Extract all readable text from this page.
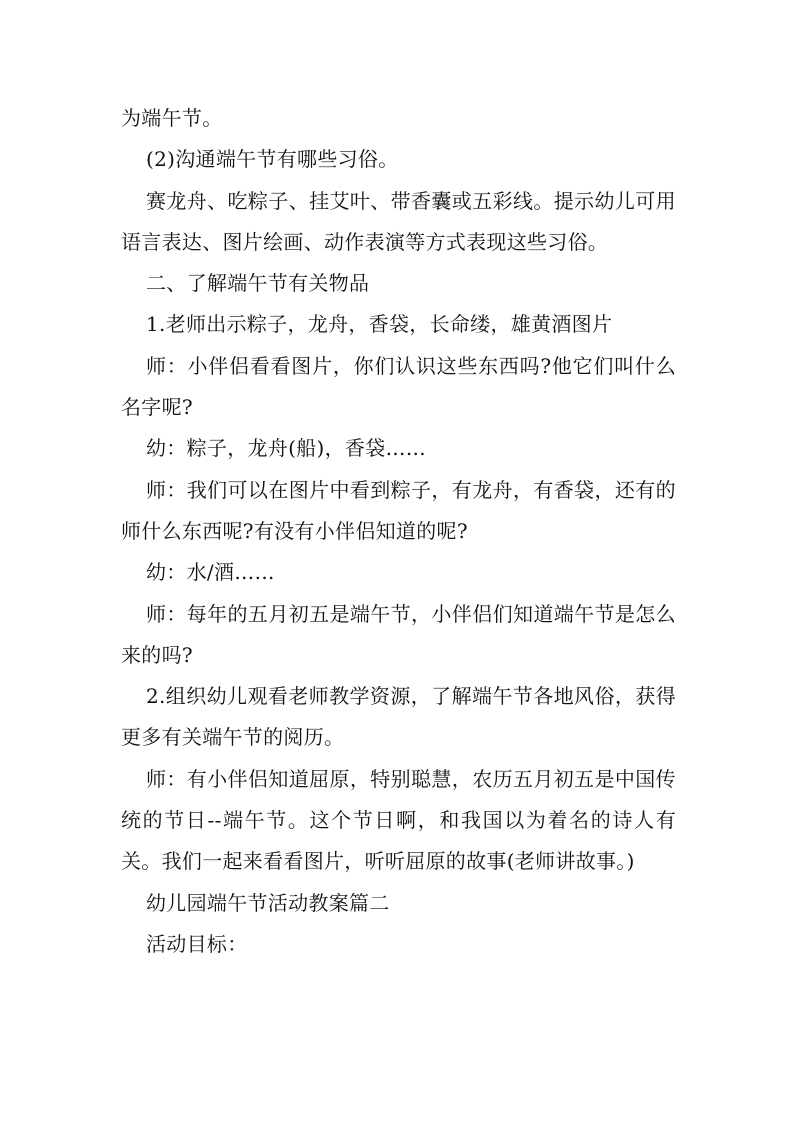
为端午节。

(2)沟通端午节有哪些习俗。

赛龙舟、吃粽子、挂艾叶、带香囊或五彩线。提示幼儿可用语言表达、图片绘画、动作表演等方式表现这些习俗。

二、了解端午节有关物品

1.老师出示粽子，龙舟，香袋，长命缕，雄黄酒图片

师：小伴侣看看图片，你们认识这些东西吗?他它们叫什么名字呢?

幼：粽子，龙舟(船)，香袋……

师：我们可以在图片中看到粽子，有龙舟，有香袋，还有的师什么东西呢?有没有小伴侣知道的呢?

幼：水/酒……

师：每年的五月初五是端午节，小伴侣们知道端午节是怎么来的吗?

2.组织幼儿观看老师教学资源，了解端午节各地风俗，获得更多有关端午节的阅历。

师：有小伴侣知道屈原，特别聪慧，农历五月初五是中国传统的节日--端午节。这个节日啊，和我国以为着名的诗人有关。我们一起来看看图片，听听屈原的故事(老师讲故事。)

幼儿园端午节活动教案篇二

活动目标：
